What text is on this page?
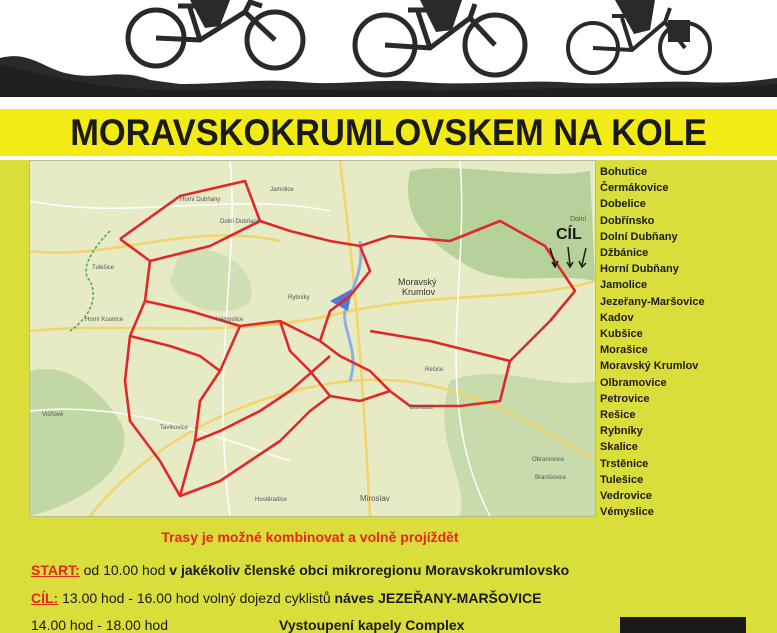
MORAVSKOKRUMLOVSKEM NA KOLE
CÍL
Moravský
Krumlov
Tulešice
Vémyslice
Miroslav
Dolní
Rybníky
Obramovice
Bohutice
Horní Dubňany
Dolní Dubňany
Jamolice
Rešice
Branišovice
Horní Kounice
Tavíkovice
Višňové
Hostěradice
Bohutice
Čermákovice
Dobelice
Dobřínsko
Dolní Dubňany
Džbánice
Horní Dubňany
Jamolice
Jezeřany-Maršovice
Kadov
Kubšice
Morašice
Moravský Krumlov
Olbramovice
Petrovice
Rešice
Rybníky
Skalice
Trstěnice
Tulešice
Vedrovice
Vémyslice
Trasy je možné kombinovat a volně projíždět
START: od 10.00 hod v jakékoliv členské obci mikroregionu Moravskokrumlovsko
CÍL: 13.00 hod - 16.00 hod volný dojezd cyklistů náves JEZEŘANY-MARŠOVICE
14.00 hod - 18.00 hod	Vystoupení kapely Complex
